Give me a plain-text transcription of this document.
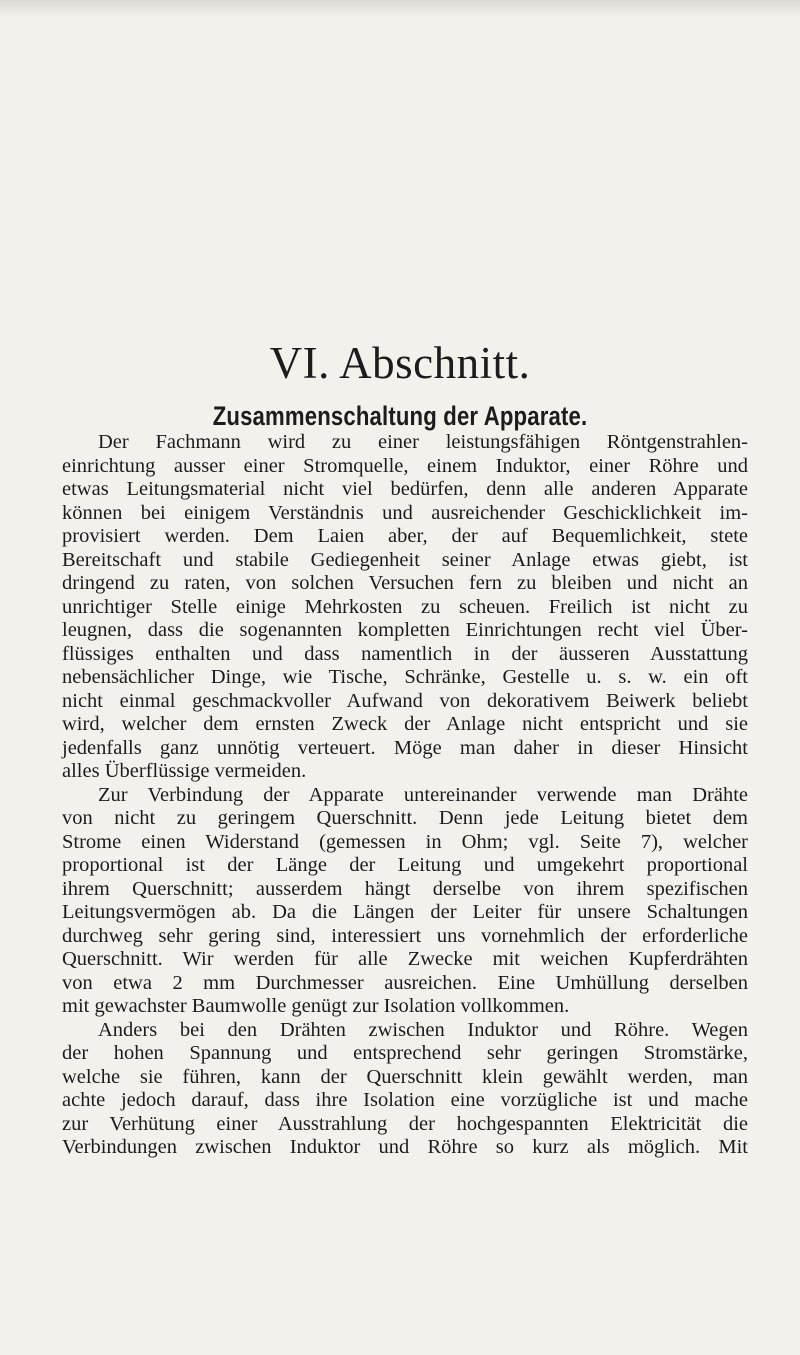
VI. Abschnitt.
Zusammenschaltung der Apparate.
Der Fachmann wird zu einer leistungsfähigen Röntgenstrahlen-
einrichtung ausser einer Stromquelle, einem Induktor, einer Röhre und
etwas Leitungsmaterial nicht viel bedürfen, denn alle anderen Apparate
können bei einigem Verständnis und ausreichender Geschicklichkeit im-
provisiert werden. Dem Laien aber, der auf Bequemlichkeit, stete
Bereitschaft und stabile Gediegenheit seiner Anlage etwas giebt, ist
dringend zu raten, von solchen Versuchen fern zu bleiben und nicht an
unrichtiger Stelle einige Mehrkosten zu scheuen. Freilich ist nicht zu
leugnen, dass die sogenannten kompletten Einrichtungen recht viel Über-
flüssiges enthalten und dass namentlich in der äusseren Ausstattung
nebensächlicher Dinge, wie Tische, Schränke, Gestelle u. s. w. ein oft
nicht einmal geschmackvoller Aufwand von dekorativem Beiwerk beliebt
wird, welcher dem ernsten Zweck der Anlage nicht entspricht und sie
jedenfalls ganz unnötig verteuert. Möge man daher in dieser Hinsicht
alles Überflüssige vermeiden.
Zur Verbindung der Apparate untereinander verwende man Drähte
von nicht zu geringem Querschnitt. Denn jede Leitung bietet dem
Strome einen Widerstand (gemessen in Ohm; vgl. Seite 7), welcher
proportional ist der Länge der Leitung und umgekehrt proportional
ihrem Querschnitt; ausserdem hängt derselbe von ihrem spezifischen
Leitungsvermögen ab. Da die Längen der Leiter für unsere Schaltungen
durchweg sehr gering sind, interessiert uns vornehmlich der erforderliche
Querschnitt. Wir werden für alle Zwecke mit weichen Kupferdrähten
von etwa 2 mm Durchmesser ausreichen. Eine Umhüllung derselben
mit gewachster Baumwolle genügt zur Isolation vollkommen.
Anders bei den Drähten zwischen Induktor und Röhre. Wegen
der hohen Spannung und entsprechend sehr geringen Stromstärke,
welche sie führen, kann der Querschnitt klein gewählt werden, man
achte jedoch darauf, dass ihre Isolation eine vorzügliche ist und mache
zur Verhütung einer Ausstrahlung der hochgespannten Elektricität die
Verbindungen zwischen Induktor und Röhre so kurz als möglich. Mit
